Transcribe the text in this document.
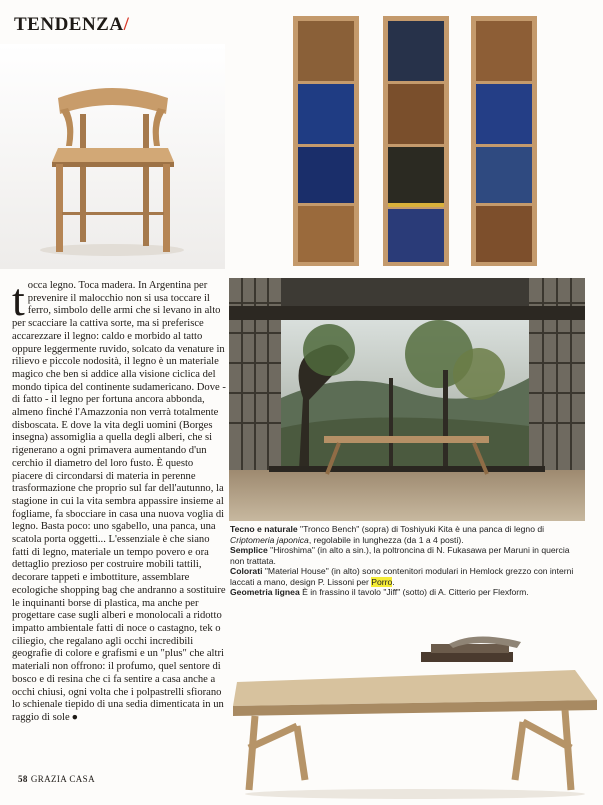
TENDENZA/
tocca legno. Toca madera. In Argentina per prevenire il malocchio non si usa toccare il ferro, simbolo delle armi che si levano in alto per scacciare la cattiva sorte, ma si preferisce accarezzare il legno: caldo e morbido al tatto oppure leggermente ruvido, solcato da venature in rilievo e piccole nodosità, il legno è un materiale magico che ben si addice alla visione ciclica del mondo tipica del continente sudamericano. Dove - di fatto - il legno per fortuna ancora abbonda, almeno finché l'Amazzonia non verrà totalmente disboscata. E dove la vita degli uomini (Borges insegna) assomiglia a quella degli alberi, che si rigenerano a ogni primavera aumentando d'un cerchio il diametro del loro fusto. È questo piacere di circondarsi di materia in perenne trasformazione che proprio sul far dell'autunno, la stagione in cui la vita sembra appassire insieme al fogliame, fa sbocciare in casa una nuova voglia di legno. Basta poco: uno sgabello, una panca, una scatola porta oggetti... L'essenziale è che siano fatti di legno, materiale un tempo povero e ora dettaglio prezioso per costruire mobili tattili, decorare tappeti e imbottiture, assemblare ecologiche shopping bag che andranno a sostituire le inquinanti borse di plastica, ma anche per progettare case sugli alberi e monolocali a ridotto impatto ambientale fatti di noce o castagno, tek o ciliegio, che regalano agli occhi incredibili geografie di colore e grafismi e un "plus" che altri materiali non offrono: il profumo, quel sentore di bosco e di resina che ci fa sentire a casa anche a occhi chiusi, ogni volta che i polpastrelli sfiorano lo schienale tiepido di una sedia dimenticata in un raggio di sole ●
Tecno e naturale "Tronco Bench" (sopra) di Toshiyuki Kita è una panca di legno di Criptomeria japonica, regolabile in lunghezza (da 1 a 4 posti).
Semplice "Hiroshima" (in alto a sin.), la poltroncina di N. Fukasawa per Maruni in quercia non trattata.
Colorati "Material House" (in alto) sono contenitori modulari in Hemlock grezzo con interni laccati a mano, design P. Lissoni per Porro.
Geometria lignea È in frassino il tavolo "Jiff" (sotto) di A. Citterio per Flexform.
58 GRAZIA CASA
